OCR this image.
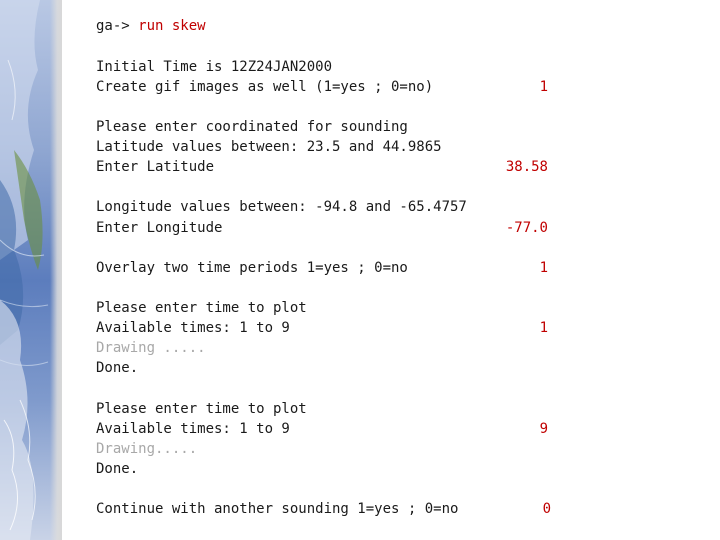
ga-> run skew
Initial Time is 12Z24JAN2000
Create gif images as well (1=yes ; 0=no)	1
Please enter coordinated for sounding
Latitude values between: 23.5 and 44.9865
Enter Latitude	38.58
Longitude values between: -94.8 and -65.4757
Enter Longitude	-77.0
Overlay two time periods 1=yes ; 0=no	1
Please enter time to plot
Available times: 1 to 9	1
Drawing .....
Done.
Please enter time to plot
Available times: 1 to 9	9
Drawing.....
Done.
Continue with another sounding 1=yes ; 0=no	0
